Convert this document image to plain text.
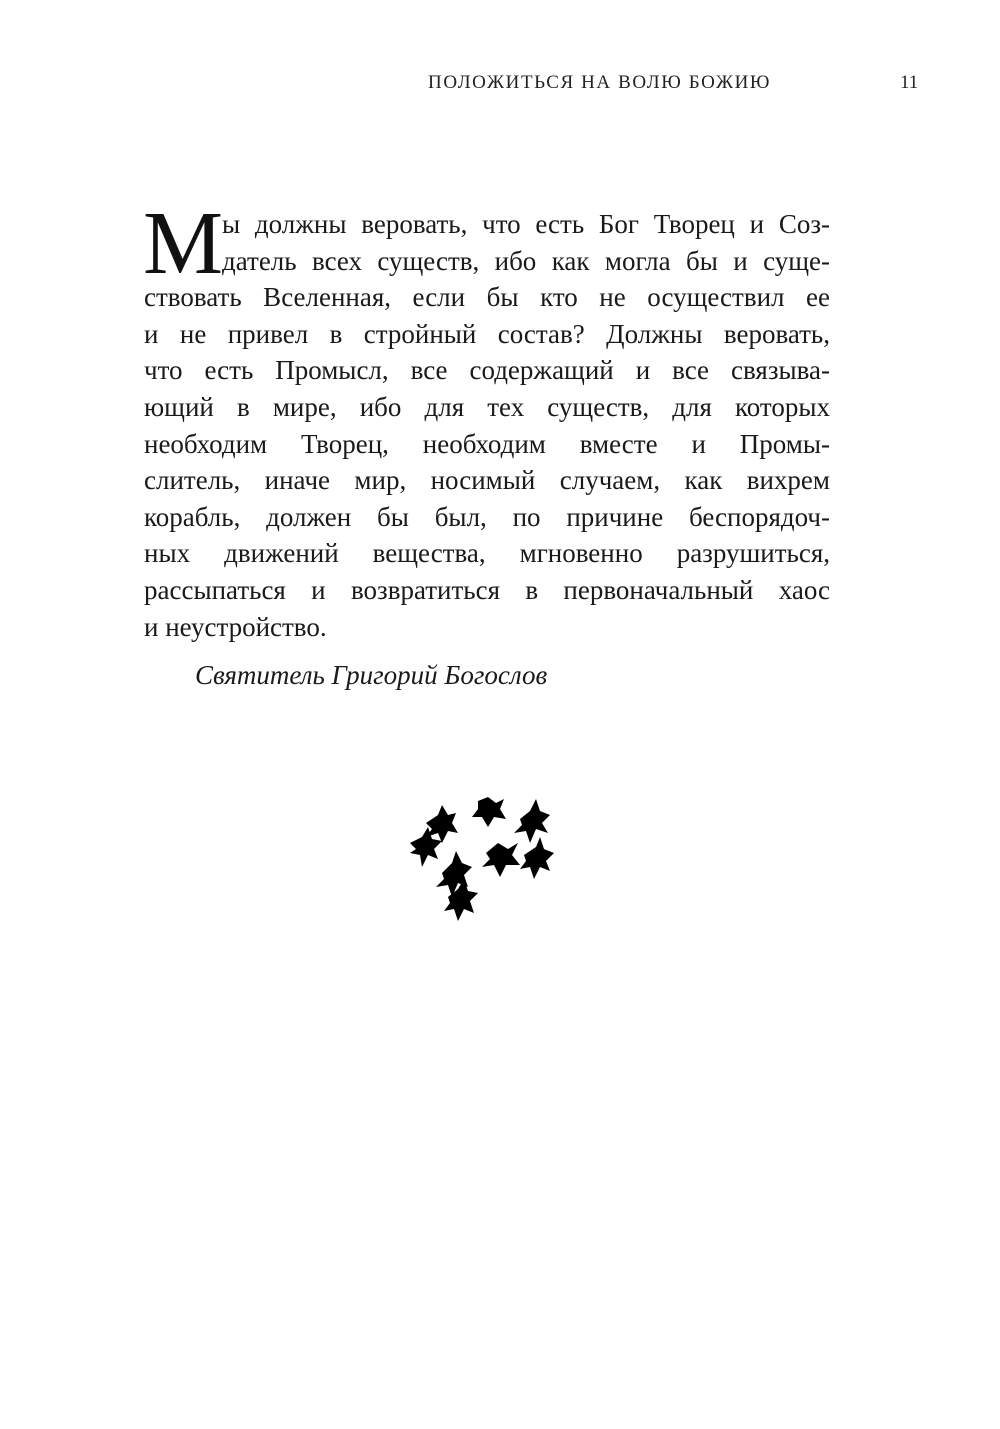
ПОЛОЖИТЬСЯ НА ВОЛЮ БОЖИЮ	11
М
ы должны веровать, что есть Бог Творец и Соз-
датель всех существ, ибо как могла бы и суще-
ствовать Вселенная, если бы кто не осуществил ее
и не привел в стройный состав? Должны веровать,
что есть Промысл, все содержащий и все связыва-
ющий в мире, ибо для тех существ, для которых
необходим Творец, необходим вместе и Промы-
слитель, иначе мир, носимый случаем, как вихрем
корабль, должен бы был, по причине беспорядоч-
ных движений вещества, мгновенно разрушиться,
рассыпаться и возвратиться в первоначальный хаос
и неустройство.
Святитель Григорий Богослов
